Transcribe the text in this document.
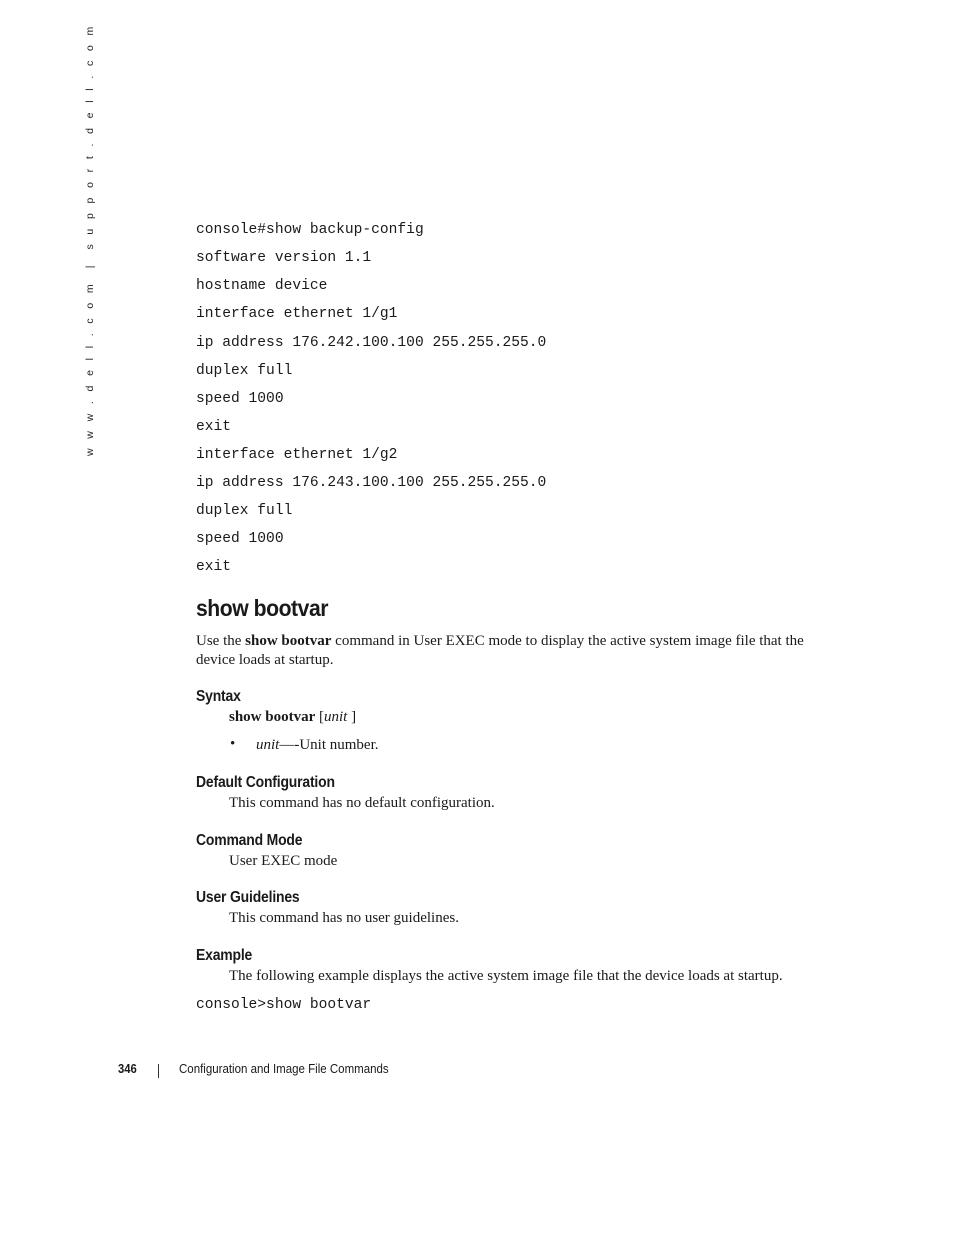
w w w . d e l l . c o m  |  s u p p o r t . d e l l . c o m	console#show backup-config
software version 1.1
hostname device
interface ethernet 1/g1
ip address 176.242.100.100 255.255.255.0
duplex full
speed 1000
exit
interface ethernet 1/g2
ip address 176.243.100.100 255.255.255.0
duplex full
speed 1000
exit
show bootvar

Use the show bootvar command in User EXEC mode to display the active system image file that the device loads at startup.

Syntax

show bootvar [unit ]

• unit—-Unit number.

Default Configuration

This command has no default configuration.

Command Mode

User EXEC mode

User Guidelines

This command has no user guidelines.

Example

The following example displays the active system image file that the device loads at startup.

console>show bootvar
346	Configuration and Image File Commands
